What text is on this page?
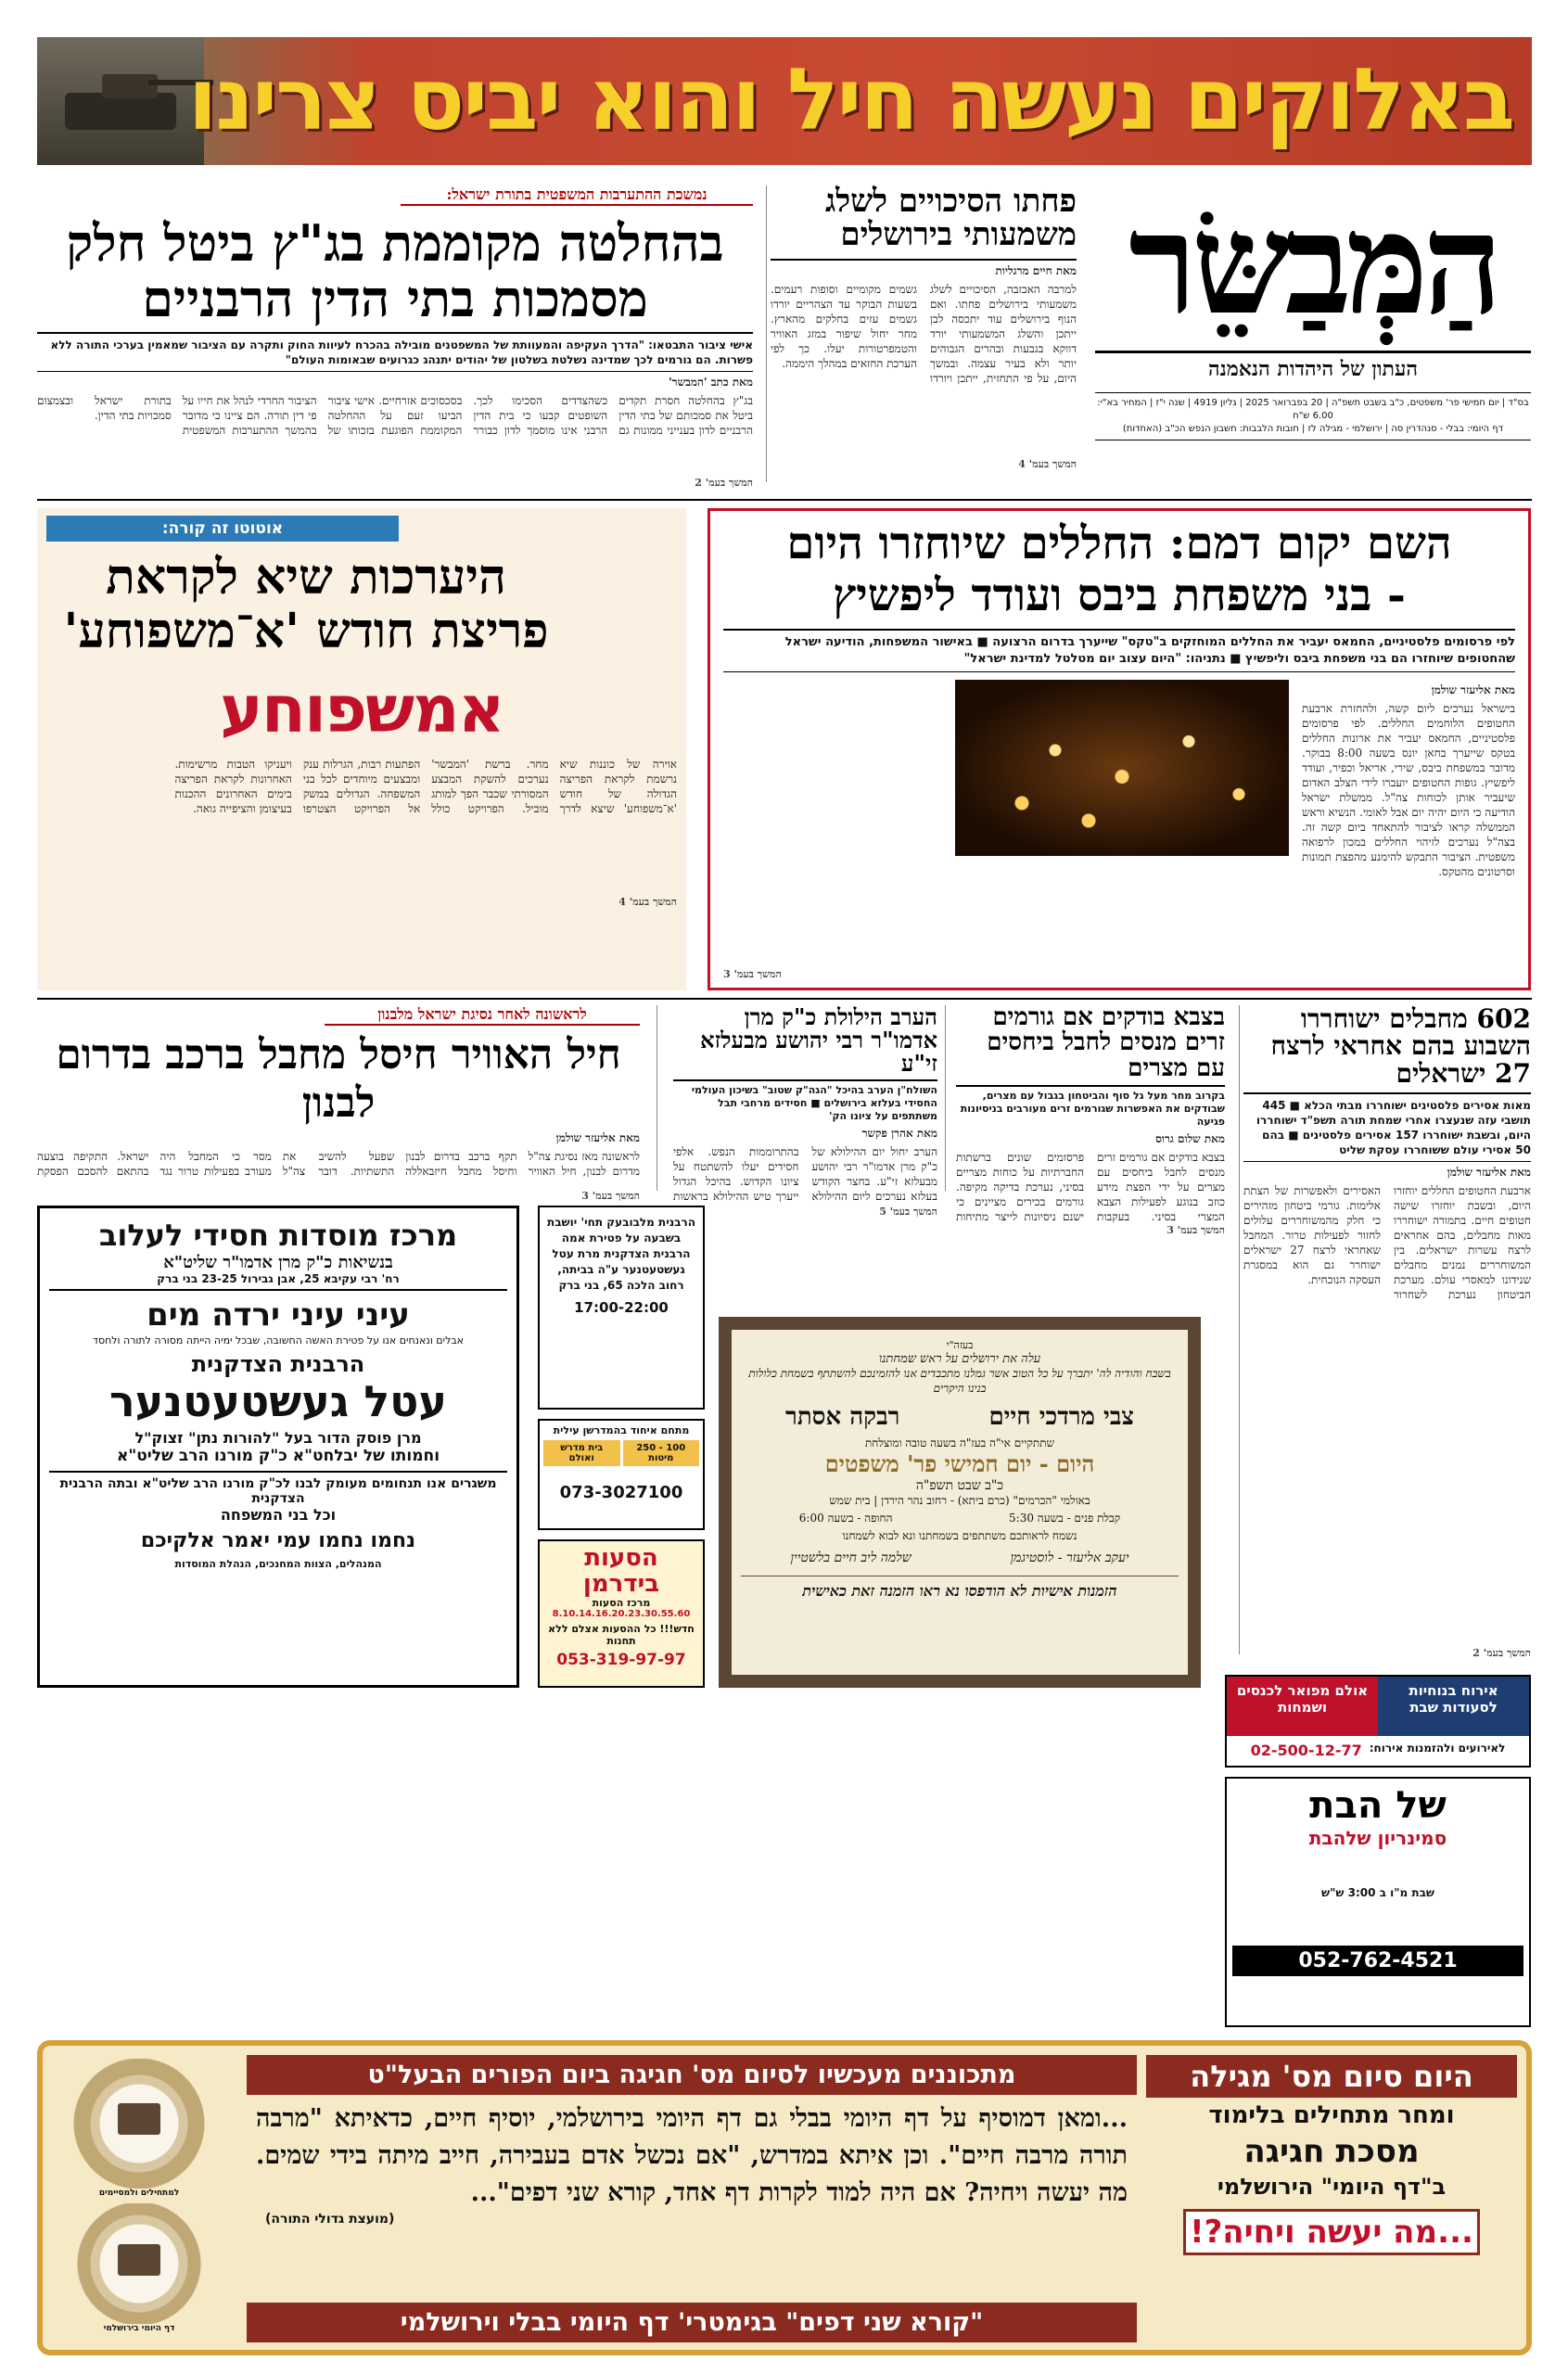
באלוקים נעשה חיל והוא יביס צרינו
הַמְּבַשֵּׂר
העתון של היהדות הנאמנה
בס"ד | יום חמישי פר' משפטים, כ"ב בשבט תשפ"ה | 20 בפברואר 2025 | גליון 4919 | שנה י"ז | המחיר בא"י: 6.00 ש"ח
דף היומי: בבלי - סנהדרין סה | ירושלמי - מגילה לז | חובות הלבבות: חשבון הנפש הכ"ב (האחדות)
פחתו הסיכויים לשלג משמעותי בירושלים
מאת חיים מרגליות
למרבה האכזבה, הסיכויים לשלג משמעותי בירושלים פחתו. ואם הנוף בירושלים עוד יתכסה לבן ייתכן והשלג המשמעותי יורד דווקא בגבעות ובהרים הגבוהים יותר ולא בעיר עצמה. ובמשך היום, על פי התחזית, ייתכן ויורדו גשמים מקומיים וסופות רעמים. בשעות הבוקר עד הצהריים יורדו גשמים עזים בחלקים מהארץ. מחר יחול שיפור במזג האוויר והטמפרטורות יעלו. כך לפי הערכת החזאים במהלך היממה.
המשך בעמ' 4
נמשכת ההתערבות המשפטית בתורת ישראל:
בהחלטה מקוממת בג"ץ ביטל חלק מסמכות בתי הדין הרבניים
אישי ציבור התבטאו: "הדרך העקיפה והמעוותת של המשפטנים מובילה בהכרח לעיוות החוק ותקרה עם הציבור שמאמין בערכי התורה ללא פשרות. הם גורמים לכך שמדינה נשלטת בשלטון של יהודים יתנהג כגרועים שבאומות העולם"
מאת כתב 'המבשר'
בג"ץ בהחלטה חסרת תקדים ביטל את סמכותם של בתי הדין הרבניים לדון בענייני ממונות גם כשהצדדים הסכימו לכך. השופטים קבעו כי בית הדין הרבני אינו מוסמך לדון כבורר בסכסוכים אזרחיים. אישי ציבור הביעו זעם על ההחלטה המקוממת הפוגעת בזכותו של הציבור החרדי לנהל את חייו על פי דין תורה. הם ציינו כי מדובר בהמשך ההתערבות המשפטית בתורת ישראל ובצמצום סמכויות בתי הדין.
המשך בעמ' 2
השם יקום דמם: החללים שיוחזרו היום
- בני משפחת ביבס ועודד ליפשיץ
לפי פרסומים פלסטיניים, החמאס יעביר את החללים המוחזקים ב"טקס" שייערך בדרום הרצועה ■ באישור המשפחות, הודיעה ישראל שהחטופים שיוחזרו הם בני משפחת ביבס וליפשיץ ■ נתניהו: "היום עצוב יום מטלטל למדינת ישראל"
מאת אליעזר שולמן
בישראל נערכים ליום קשה, ולהחזרת ארבעת החטופים הלוחמים החללים. לפי פרסומים פלסטיניים, החמאס יעביר את ארונות החללים בטקס שייערך בחאן יונס בשעה 8:00 בבוקר. מדובר במשפחת ביבס, שירי, אריאל וכפיר, ועודד ליפשיץ. גופות החטופים יועברו לידי הצלב האדום שיעביר אותן לכוחות צה"ל. ממשלת ישראל הודיעה כי היום יהיה יום אבל לאומי. הנשיא וראש הממשלה קראו לציבור להתאחד ביום קשה זה. בצה"ל נערכים לזיהוי החללים במכון לרפואה משפטית. הציבור התבקש להימנע מהפצת תמונות וסרטונים מהטקס.
המשך בעמ' 3
אוטוטו זה קורה:
היערכות שיא לקראת פריצת חודש 'א־משפוחע'
אמשפוחע
אוירה של כוננות שיא נרשמת לקראת הפריצה הגדולה של חודש 'א־משפוחע' שיצא לדרך מחר. ברשת 'המבשר' נערכים להשקת המבצע המסורתי שכבר הפך למותג מוביל. הפרויקט כולל הפתעות רבות, הגרלות ענק ומבצעים מיוחדים לכל בני המשפחה. הגדולים במשק אל הפרויקט הצטרפו ויעניקו הטבות מרשימות. האחרונות לקראת הפריצה בימים האחרונים ההכנות בעיצומן והציפייה גואה.
המשך בעמ' 4
602 מחבלים ישוחררו השבוע בהם אחראי לרצח 27 ישראלים
מאות אסירים פלסטינים ישוחררו מבתי הכלא ■ 445 תושבי עזה שנעצרו אחרי שמחת תורה תשפ"ד ישוחררו היום, ובשבת ישוחררו 157 אסירים פלסטינים ■ בהם 50 אסירי עולם ששוחררו עסקת שליט
מאת אליעזר שולמן
ארבעת החטופים החללים יוחזרו היום, ובשבת יוחזרו שישה חטופים חיים. בתמורה ישוחררו מאות מחבלים, בהם אחראים לרצח עשרות ישראלים. בין המשוחררים נמנים מחבלים שנידונו למאסרי עולם. מערכת הביטחון נערכת לשחרור האסירים ולאפשרות של הצתת אלימות. גורמי ביטחון מזהירים כי חלק מהמשוחררים עלולים לחזור לפעילות טרור. המחבל שאחראי לרצח 27 ישראלים ישוחרר גם הוא במסגרת העסקה הנוכחית.
המשך בעמ' 2
בצבא בודקים אם גורמים זרים מנסים לחבל ביחסים עם מצרים
בקרוב מחר מעל גל סוף והביטחון בגבול עם מצרים, שבודקים את האפשרות שגורמים זרים מעורבים בניסיונות פגיעה
מאת שלום גרוס
בצבא בודקים אם גורמים זרים מנסים לחבל ביחסים עם מצרים על ידי הפצת מידע כוזב בנוגע לפעילות הצבא המצרי בסיני. בעקבות פרסומים שונים ברשתות החברתיות על כוחות מצריים בסיני, נערכת בדיקה מקיפה. גורמים בכירים מציינים כי ישנם ניסיונות לייצר מתיחות
המשך בעמ' 3
הערב הילולת כ"ק מרן אדמו"ר רבי יהושע מבעלזא זי"ע
השולח"ן הערב בהיכל "הגה"ק שטוב" בשיכון העולמי החסידי בעלזא בירושלים ■ חסידים מרחבי תבל משתתפים על ציונו הק'
מאת אהרן פקשר
הערב יחול יום ההילולא של כ"ק מרן אדמו"ר רבי יהושע מבעלזא זי"ע. בחצר הקודש בעלזא נערכים ליום ההילולא בהתרוממות הנפש. אלפי חסידים יעלו להשתטח על ציונו הקדוש. בהיכל הגדול ייערך טיש ההילולא בראשות
המשך בעמ' 5
לראשונה לאחר נסיגת ישראל מלבנון
חיל האוויר חיסל מחבל ברכב בדרום לבנון
מאת אליעזר שולמן
לראשונה מאז נסיגת צה"ל מדרום לבנון, חיל האוויר תקף ברכב בדרום לבנון וחיסל מחבל חיזבאללה שפעל להשיב את התשתיות. דובר צה"ל מסר כי המחבל היה מעורב בפעילות טרור נגד ישראל. התקיפה בוצעה בהתאם להסכם הפסקת
המשך בעמ' 3
מרכז מוסדות חסידי לעלוב
בנשיאות כ"ק מרן אדמו"ר שליט"א
רח' רבי עקיבא 25, אבן גבירול 23-25 בני ברק
עיני עיני ירדה מים
אבלים ונאנחים אנו על פטירת האשה החשובה, שבכל ימיה הייתה מסורה לתורה ולחסד
הרבנית הצדקנית
עטל געשטעטנער
מרן פוסק הדור בעל "להורות נתן" זצוק"ל
וחמותו של יבלחט"א כ"ק מורנו הרב שליט"א
משגרים אנו תנחומים מעומק לבנו לכ"ק מורנו הרב שליט"א ובתה הרבנית הצדקנית
וכל בני המשפחה
נחמו נחמו עמי יאמר אלקיכם
המנהלים, הצוות המחנכים, הנהלת המוסדות
הרבנית מלבובעק תחי' יושבת בשבעה על פטירת אמה הרבנית הצדקנית מרת עטל געשטעטנער ע"ה בביתה, רחוב הלכה 65, בני ברק
17:00-22:00
מתחם איחוד בהמדרשן עילית
100 - 250 מיטות
בית מדרש ואולם
073-3027100
הסעות בידרמן
מרכז הסעות
8.10.14.16.20.23.30.55.60
חדש!!! כל ההסעות אצלם ללא תחנות
053-319-97-97
בעזה"י
עלה את ירושלים על ראש שמחתנו
בשבח והודיה לה' יתברך על כל הטוב אשר גמלנו מתכבדים אנו להזמינכם להשתתף בשמחת כלולות בנינו היקרים
צבי מרדכי חיים
רבקה אסתר
שתתקיים אי"ה בעז"ה בשעה טובה ומוצלחת
היום - יום חמישי פר' משפטים
כ"ב שבט תשפ"ה
באולמי "הכרמים" (כרם ביתא) - רחוב נהר הירדן | בית שמש
קבלת פנים - בשעה 5:30
החופה - בשעה 6:00
נשמח לראותכם משתתפים בשמחתנו ונא לבוא לשמחנו
יעקב אליעזר - לוסטיגמן
שלמה ליב חיים בלשטיין
הזמנות אישיות לא הודפסו נא ראו הזמנה זאת כאישית
אירוח בנוחיות לסעודות שבת
אולם מפואר לכנסים ושמחות
לאירועים ולהזמנות אירוח:
02-500-12-77
של הבת
סמינריון שלהבת
שבת מ"ו ב 3:00 ש"ש
052-762-4521
היום סיום מס' מגילה
ומחר מתחילים בלימוד
מסכת חגיגה
ב"דף היומי" הירושלמי
...מה יעשה ויחיה?!
מתכוננים מעכשיו לסיום מס' חגיגה ביום הפורים הבעל"ט
...ומאן דמוסיף על דף היומי בבלי גם דף היומי בירושלמי, יוסיף חיים, כדאיתא "מרבה תורה מרבה חיים". וכן איתא במדרש, "אם נכשל אדם בעבירה, חייב מיתה בידי שמים. מה יעשה ויחיה? אם היה למוד לקרות דף אחד, קורא שני דפים"...
(מועצת גדולי התורה)
"קורא שני דפים" בגימטרי' דף היומי בבלי וירושלמי
למתחילים ולמסיימים
דף היומי בירושלמי
